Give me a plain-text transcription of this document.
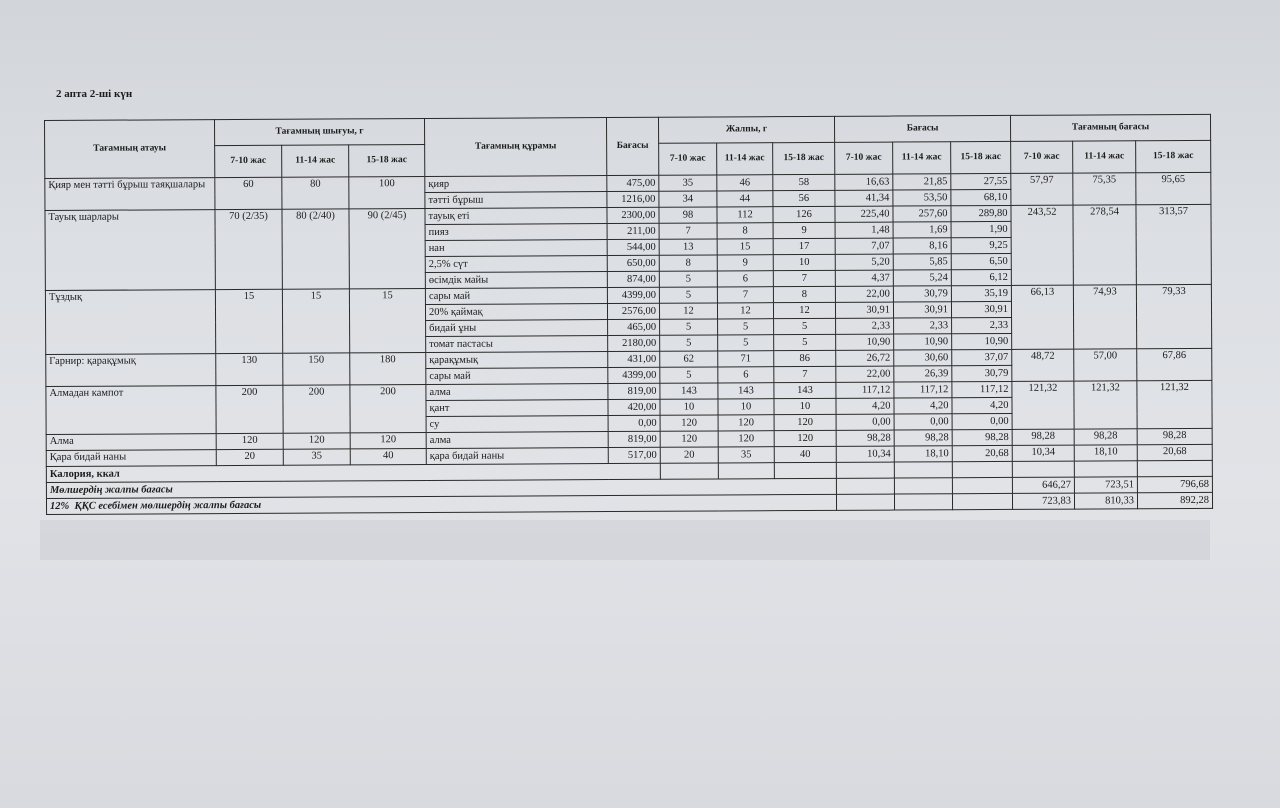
2 апта 2-ші күн
Тағамның атауы	Тағамның шығуы, г			Тағамның құрамы	Бағасы	Жалпы, г			Бағасы			Тағамның бағасы		
	7-10 жас	11-14 жас	15-18 жас			7-10 жас	11-14 жас	15-18 жас	7-10 жас	11-14 жас	15-18 жас	7-10 жас	11-14 жас	15-18 жас
Қияр мен тәтті бұрыш таяқшалары	60	80	100	қияр	475,00	35	46	58	16,63	21,85	27,55	57,97	75,35	95,65
				тәтті бұрыш	1216,00	34	44	56	41,34	53,50	68,10			
Тауық шарлары	70 (2/35)	80 (2/40)	90 (2/45)	тауық еті	2300,00	98	112	126	225,40	257,60	289,80	243,52	278,54	313,57
				пияз	211,00	7	8	9	1,48	1,69	1,90			
				нан	544,00	13	15	17	7,07	8,16	9,25			
				2,5% сүт	650,00	8	9	10	5,20	5,85	6,50			
				өсімдік майы	874,00	5	6	7	4,37	5,24	6,12			
Тұздық	15	15	15	сары май	4399,00	5	7	8	22,00	30,79	35,19	66,13	74,93	79,33
				20% қаймақ	2576,00	12	12	12	30,91	30,91	30,91			
				бидай ұны	465,00	5	5	5	2,33	2,33	2,33			
				томат пастасы	2180,00	5	5	5	10,90	10,90	10,90			
Гарнир: қарақұмық	130	150	180	қарақұмық	431,00	62	71	86	26,72	30,60	37,07	48,72	57,00	67,86
				сары май	4399,00	5	6	7	22,00	26,39	30,79			
Алмадан кампот	200	200	200	алма	819,00	143	143	143	117,12	117,12	117,12	121,32	121,32	121,32
				қант	420,00	10	10	10	4,20	4,20	4,20			
				су	0,00	120	120	120	0,00	0,00	0,00			
Алма	120	120	120	алма	819,00	120	120	120	98,28	98,28	98,28	98,28	98,28	98,28
Қара бидай наны	20	35	40	қара бидай наны	517,00	20	35	40	10,34	18,10	20,68	10,34	18,10	20,68
Калория, ккал														
Мөлшердің жалпы бағасы												646,27	723,51	796,68
12%  ҚҚС есебімен мөлшердің жалпы бағасы												723,83	810,33	892,28
